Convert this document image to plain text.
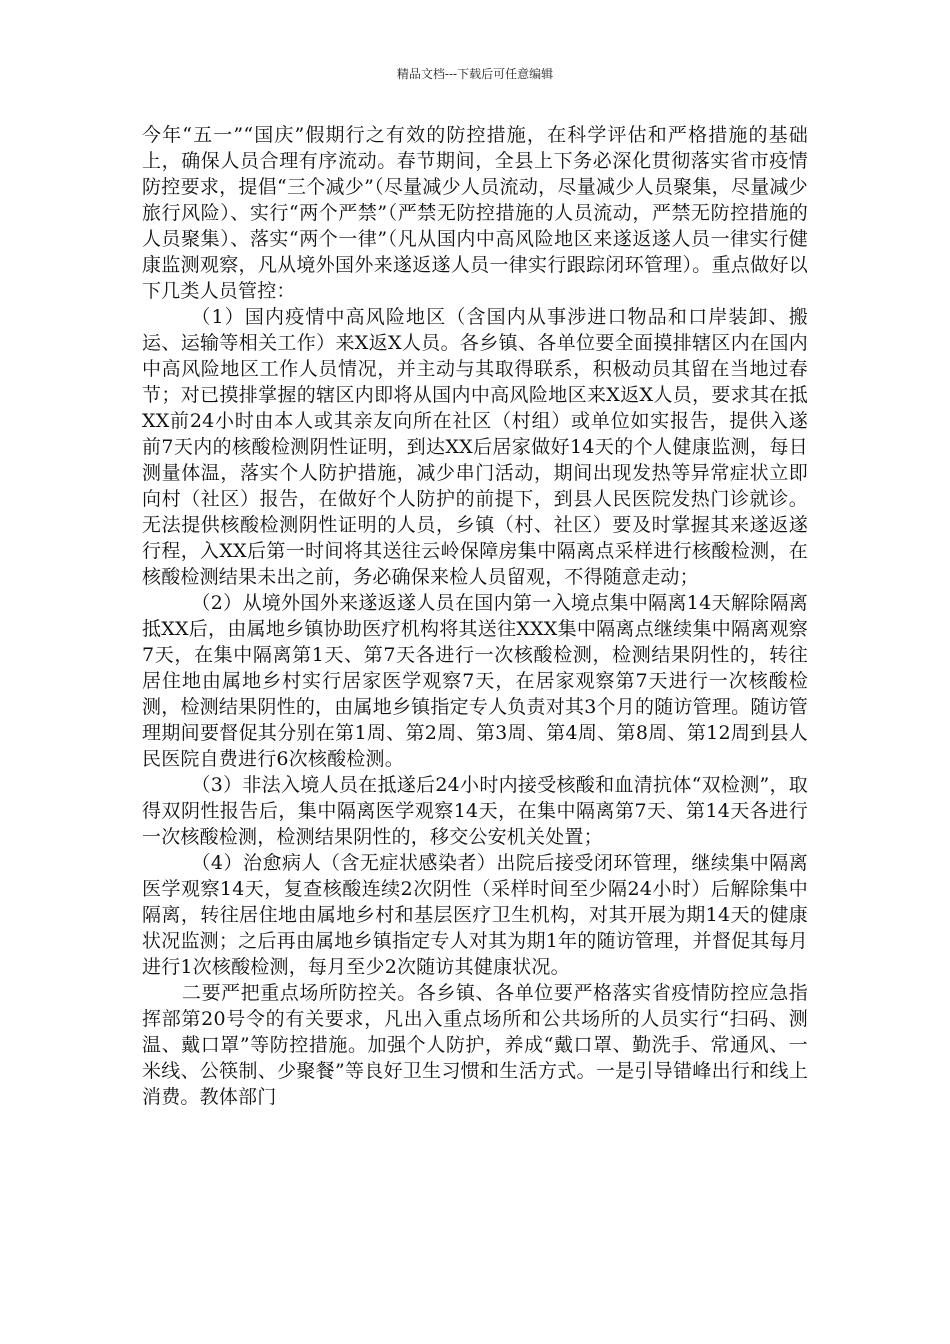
精品文档---下载后可任意编辑

今年“五一”“国庆”假期行之有效的防控措施，在科学评估和严格措施的基础上，确保人员合理有序流动。春节期间，全县上下务必深化贯彻落实省市疫情防控要求，提倡“三个减少”（尽量减少人员流动，尽量减少人员聚集，尽量减少旅行风险）、实行“两个严禁”（严禁无防控措施的人员流动，严禁无防控措施的人员聚集）、落实“两个一律”（凡从国内中高风险地区来遂返遂人员一律实行健康监测观察，凡从境外国外来遂返遂人员一律实行跟踪闭环管理）。重点做好以下几类人员管控：

（1）国内疫情中高风险地区（含国内从事涉进口物品和口岸装卸、搬运、运输等相关工作）来X返X人员。各乡镇、各单位要全面摸排辖区内在国内中高风险地区工作人员情况，并主动与其取得联系，积极动员其留在当地过春节；对已摸排掌握的辖区内即将从国内中高风险地区来X返X人员，要求其在抵XX前24小时由本人或其亲友向所在社区（村组）或单位如实报告，提供入遂前7天内的核酸检测阴性证明，到达XX后居家做好14天的个人健康监测，每日测量体温，落实个人防护措施，减少串门活动，期间出现发热等异常症状立即向村（社区）报告，在做好个人防护的前提下，到县人民医院发热门诊就诊。无法提供核酸检测阴性证明的人员，乡镇（村、社区）要及时掌握其来遂返遂行程，入XX后第一时间将其送往云岭保障房集中隔离点采样进行核酸检测，在核酸检测结果未出之前，务必确保来检人员留观，不得随意走动；

（2）从境外国外来遂返遂人员在国内第一入境点集中隔离14天解除隔离抵XX后，由属地乡镇协助医疗机构将其送往XXX集中隔离点继续集中隔离观察7天，在集中隔离第1天、第7天各进行一次核酸检测，检测结果阴性的，转往居住地由属地乡村实行居家医学观察7天，在居家观察第7天进行一次核酸检测，检测结果阴性的，由属地乡镇指定专人负责对其3个月的随访管理。随访管理期间要督促其分别在第1周、第2周、第3周、第4周、第8周、第12周到县人民医院自费进行6次核酸检测。

（3）非法入境人员在抵遂后24小时内接受核酸和血清抗体“双检测”，取得双阴性报告后，集中隔离医学观察14天，在集中隔离第7天、第14天各进行一次核酸检测，检测结果阴性的，移交公安机关处置；

（4）治愈病人（含无症状感染者）出院后接受闭环管理，继续集中隔离医学观察14天，复查核酸连续2次阴性（采样时间至少隔24小时）后解除集中隔离，转往居住地由属地乡村和基层医疗卫生机构，对其开展为期14天的健康状况监测；之后再由属地乡镇指定专人对其为期1年的随访管理，并督促其每月进行1次核酸检测，每月至少2次随访其健康状况。

二要严把重点场所防控关。各乡镇、各单位要严格落实省疫情防控应急指挥部第20号令的有关要求，凡出入重点场所和公共场所的人员实行“扫码、测温、戴口罩”等防控措施。加强个人防护，养成“戴口罩、勤洗手、常通风、一米线、公筷制、少聚餐”等良好卫生习惯和生活方式。一是引导错峰出行和线上消费。教体部门
